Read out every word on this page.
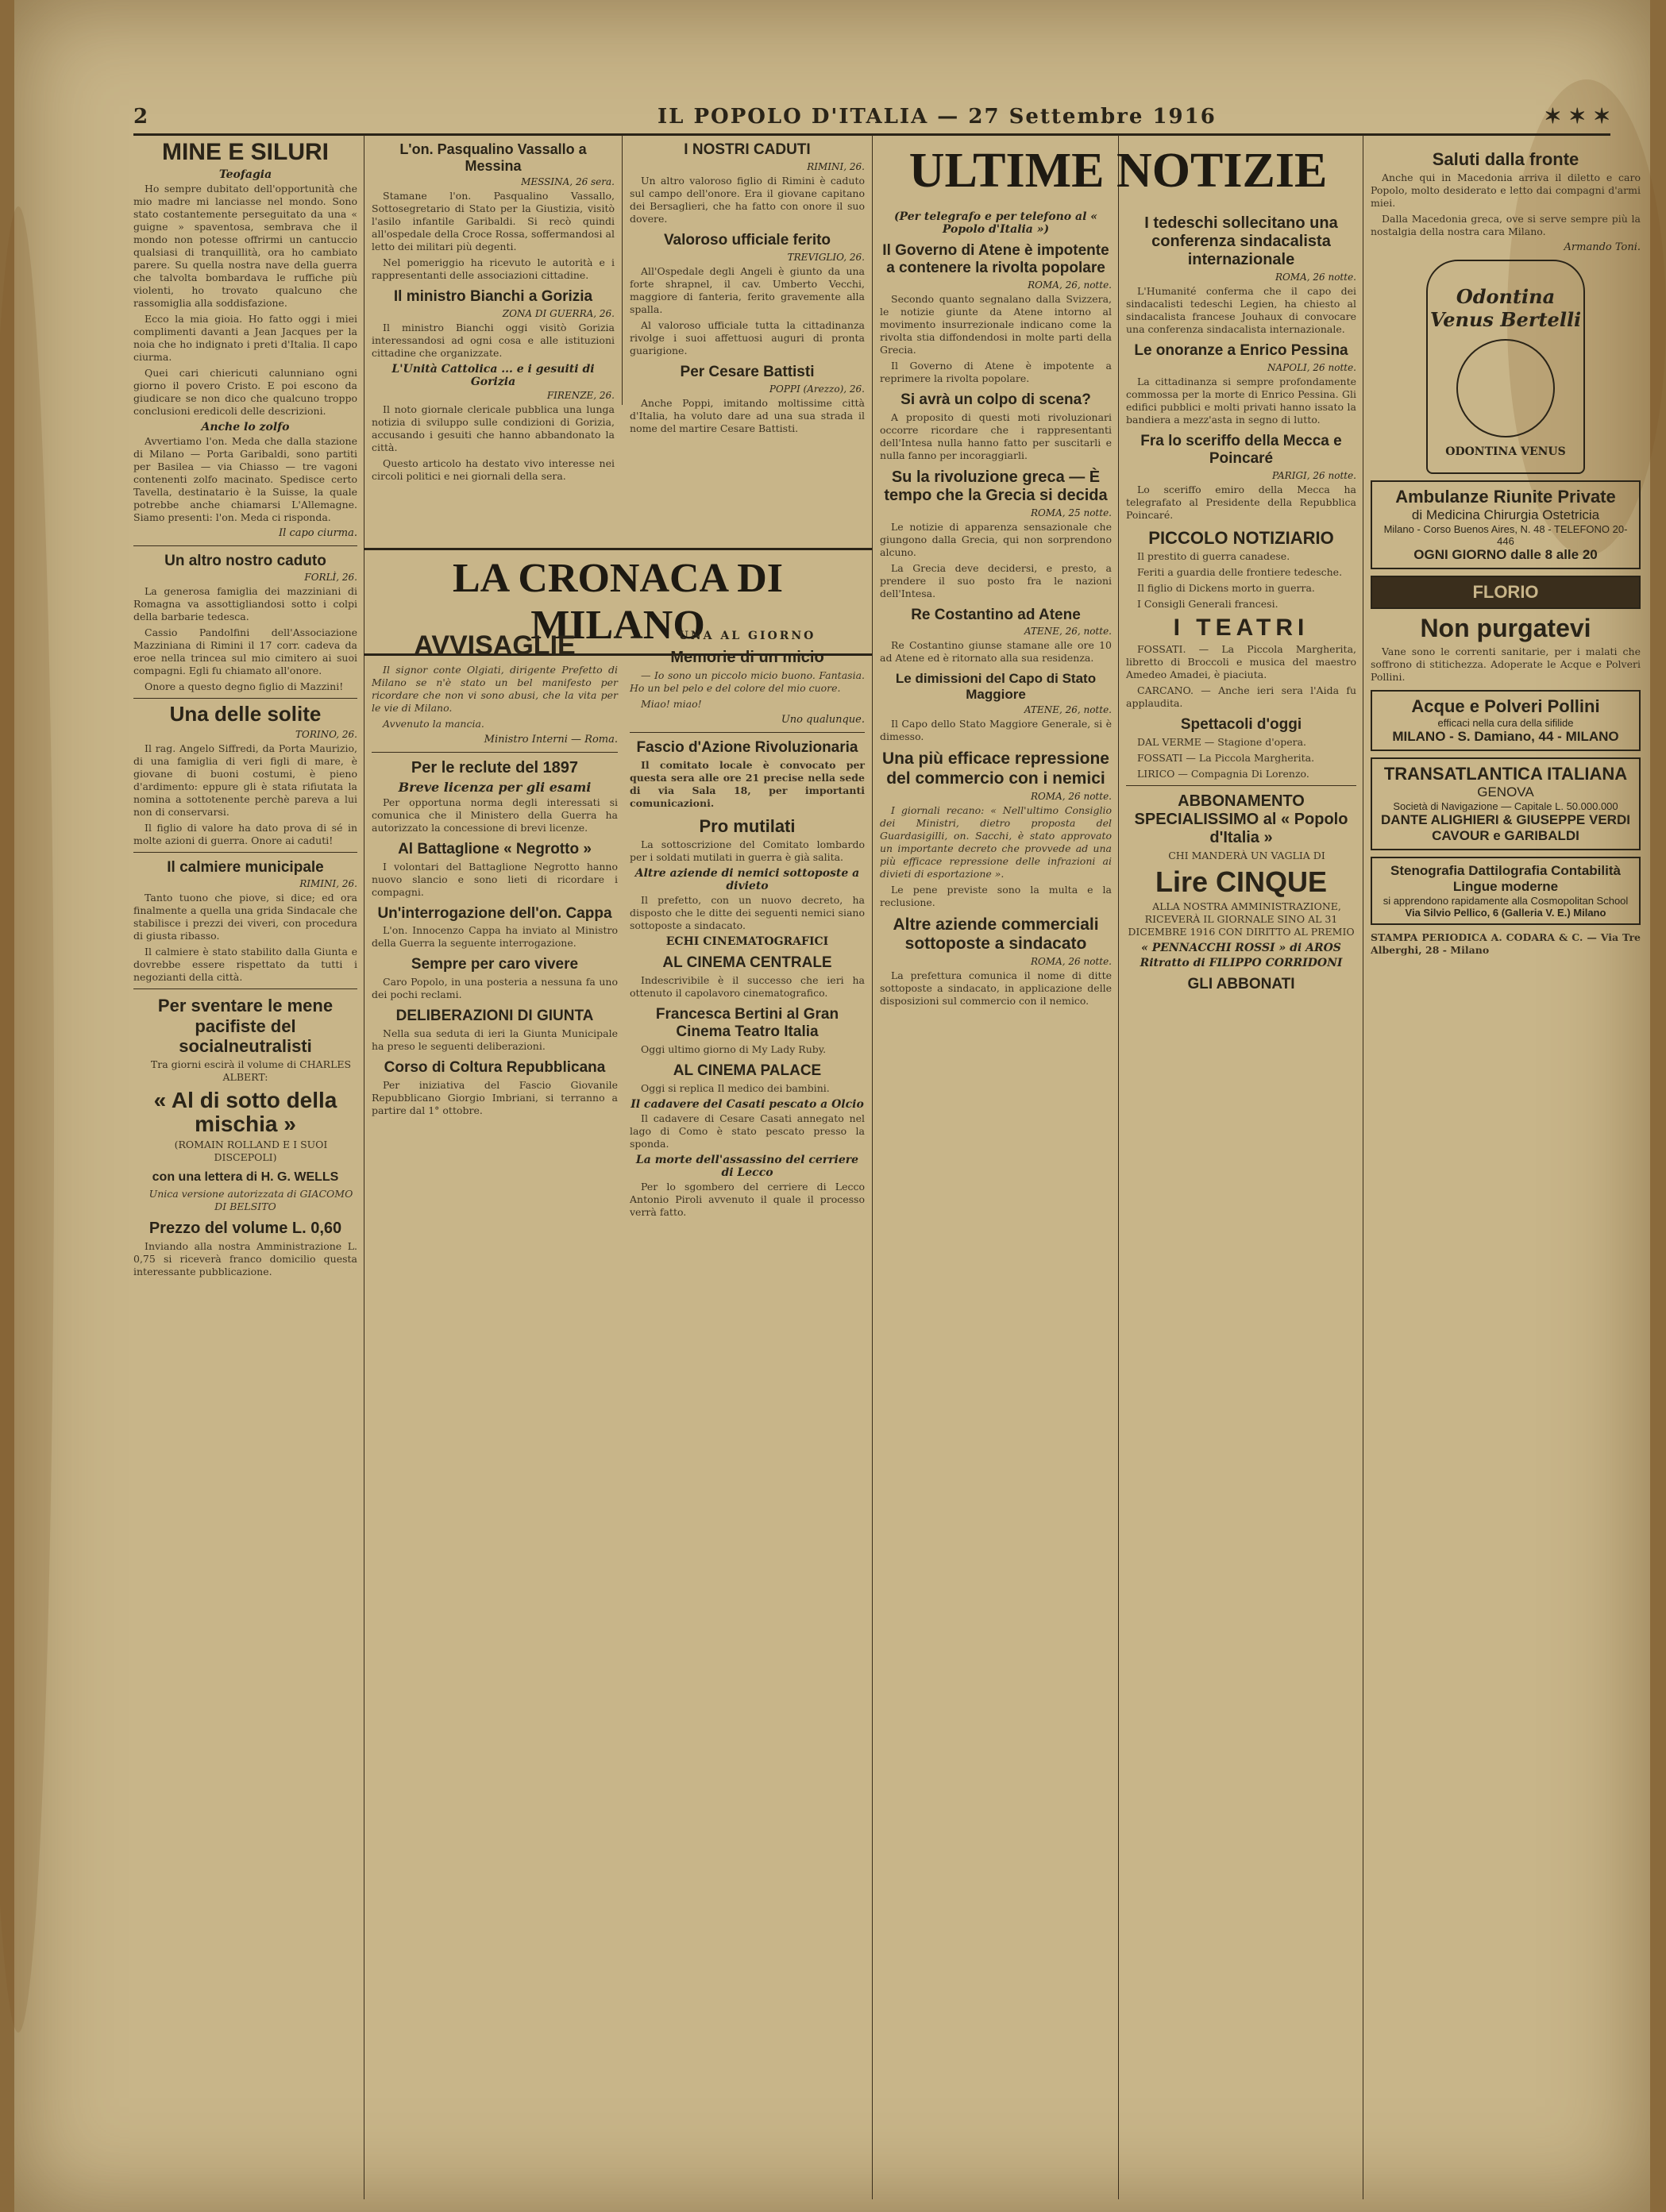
2	IL POPOLO D'ITALIA — 27 Settembre 1916	✶ ✶ ✶
MINE E SILURI
Teofagia

Ho sempre dubitato dell'opportunità che mio madre mi lanciasse nel mondo. Sono stato costantemente perseguitato da una « guigne » spaventosa, sembrava che il mondo non potesse offrirmi un cantuccio qualsiasi di tranquillità, ora ho cambiato parere. Su quella nostra nave della guerra che talvolta bombardava le ruffiche più violenti, ho trovato qualcuno che rassomiglia alla soddisfazione.

Ecco la mia gioia. Ho fatto oggi i miei complimenti davanti a Jean Jacques per la noia che ho indignato i preti d'Italia. Il capo ciurma.

Quei cari chiericuti calunniano ogni giorno il povero Cristo. E poi escono da giudicare se non dico che qualcuno troppo conclusioni eredicoli delle descrizioni.

Anche lo zolfo

Avvertiamo l'on. Meda che dalla stazione di Milano — Porta Garibaldi, sono partiti per Basilea — via Chiasso — tre vagoni contenenti zolfo macinato. Spedisce certo Tavella, destinatario è la Suisse, la quale potrebbe anche chiamarsi L'Allemagne. Siamo presenti: l'on. Meda ci risponda.

Il capo ciurma.
Un altro nostro caduto
FORLÌ, 26.

La generosa famiglia dei mazziniani di Romagna va assottigliandosi sotto i colpi della barbarie tedesca.

Cassio Pandolfini dell'Associazione Mazziniana di Rimini il 17 corr. cadeva da eroe nella trincea sul mio cimitero ai suoi compagni. Egli fu chiamato all'onore.

Onore a questo degno figlio di Mazzini!

Una delle solite
TORINO, 26.

Il rag. Angelo Siffredi, da Porta Maurizio, di una famiglia di veri figli di mare, è giovane di buoni costumi, è pieno d'ardimento: eppure gli è stata rifiutata la nomina a sottotenente perchè pareva a lui non di conservarsi.

Il figlio di valore ha dato prova di sé in molte azioni di guerra. Onore ai caduti!

Il calmiere municipale
RIMINI, 26.

Tanto tuono che piove, si dice; ed ora finalmente a quella una grida Sindacale che stabilisce i prezzi dei viveri, con procedura di giusta ribasso.

Il calmiere è stato stabilito dalla Giunta e dovrebbe essere rispettato da tutti i negozianti della città.

Per sventare le mene pacifiste del socialneutralisti

Tra giorni escirà il volume di CHARLES ALBERT:

« Al di sotto della mischia »

(ROMAIN ROLLAND E I SUOI DISCEPOLI)

con una lettera di H. G. WELLS

Unica versione autorizzata di GIACOMO DI BELSITO

Prezzo del volume L. 0,60

Inviando alla nostra Amministrazione L. 0,75 si riceverà franco domicilio questa interessante pubblicazione.

L'on. Pasqualino Vassallo a Messina
MESSINA, 26 sera.

Stamane l'on. Pasqualino Vassallo, Sottosegretario di Stato per la Giustizia, visitò l'asilo infantile Garibaldi. Si recò quindi all'ospedale della Croce Rossa, soffermandosi al letto dei militari più degenti.

Nel pomeriggio ha ricevuto le autorità e i rappresentanti delle associazioni cittadine.

Il ministro Bianchi a Gorizia
ZONA DI GUERRA, 26.

Il ministro Bianchi oggi visitò Gorizia interessandosi ad ogni cosa e alle istituzioni cittadine che organizzate.

L'Unità Cattolica ... e i gesuiti di Gorizia
FIRENZE, 26.

Il noto giornale clericale pubblica una lunga notizia di sviluppo sulle condizioni di Gorizia, accusando i gesuiti che hanno abbandonato la città.

Questo articolo ha destato vivo interesse nei circoli politici e nei giornali della sera.

I NOSTRI CADUTI
RIMINI, 26.

Un altro valoroso figlio di Rimini è caduto sul campo dell'onore. Era il giovane capitano dei Bersaglieri, che ha fatto con onore il suo dovere.

Valoroso ufficiale ferito
TREVIGLIO, 26.

All'Ospedale degli Angeli è giunto da una forte shrapnel, il cav. Umberto Vecchi, maggiore di fanteria, ferito gravemente alla spalla.

Al valoroso ufficiale tutta la cittadinanza rivolge i suoi affettuosi auguri di pronta guarigione.

Per Cesare Battisti
POPPI (Arezzo), 26.

Anche Poppi, imitando moltissime città d'Italia, ha voluto dare ad una sua strada il nome del martire Cesare Battisti.

LA CRONACA DI MILANO
AVVISAGLIE

Il signor conte Olgiati, dirigente Prefetto di Milano se n'è stato un bel manifesto per ricordare che non vi sono abusi, che la vita per le vie di Milano.

Avvenuto la mancia.

Ministro Interni — Roma.
Per le reclute del 1897
Breve licenza per gli esami

Per opportuna norma degli interessati si comunica che il Ministero della Guerra ha autorizzato la concessione di brevi licenze.

Al Battaglione « Negrotto »

I volontari del Battaglione Negrotto hanno nuovo slancio e sono lieti di ricordare i compagni.

Un'interrogazione dell'on. Cappa

L'on. Innocenzo Cappa ha inviato al Ministro della Guerra la seguente interrogazione.

Sempre per caro vivere

Caro Popolo, in una posteria a nessuna fa uno dei pochi reclami.

DELIBERAZIONI DI GIUNTA

Nella sua seduta di ieri la Giunta Municipale ha preso le seguenti deliberazioni.

Corso di Coltura Repubblicana

Per iniziativa del Fascio Giovanile Repubblicano Giorgio Imbriani, si terranno a partire dal 1° ottobre.

UNA AL GIORNO
Memorie di un micio

— Io sono un piccolo micio buono. Fantasia. Ho un bel pelo e del colore del mio cuore.

Miao! miao!

Uno qualunque.
Fascio d'Azione Rivoluzionaria

Il comitato locale è convocato per questa sera alle ore 21 precise nella sede di via Sala 18, per importanti comunicazioni.

Pro mutilati

La sottoscrizione del Comitato lombardo per i soldati mutilati in guerra è già salita.

Altre aziende di nemici sottoposte a divieto

Il prefetto, con un nuovo decreto, ha disposto che le ditte dei seguenti nemici siano sottoposte a sindacato.

ECHI CINEMATOGRAFICI
AL CINEMA CENTRALE

Indescrivibile è il successo che ieri ha ottenuto il capolavoro cinematografico.

Francesca Bertini al Gran Cinema Teatro Italia

Oggi ultimo giorno di My Lady Ruby.

AL CINEMA PALACE

Oggi si replica Il medico dei bambini.

Il cadavere del Casati pescato a Olcio

Il cadavere di Cesare Casati annegato nel lago di Como è stato pescato presso la sponda.

La morte dell'assassino del cerriere di Lecco

Per lo sgombero del cerriere di Lecco Antonio Piroli avvenuto il quale il processo verrà fatto.

ULTIME NOTIZIE
(Per telegrafo e per telefono al « Popolo d'Italia »)
Il Governo di Atene è impotente a contenere la rivolta popolare
ROMA, 26, notte.

Secondo quanto segnalano dalla Svizzera, le notizie giunte da Atene intorno al movimento insurrezionale indicano come la rivolta stia diffondendosi in molte parti della Grecia.

Il Governo di Atene è impotente a reprimere la rivolta popolare.

Si avrà un colpo di scena?

A proposito di questi moti rivoluzionari occorre ricordare che i rappresentanti dell'Intesa nulla hanno fatto per suscitarli e nulla fanno per incoraggiarli.

Su la rivoluzione greca — È tempo che la Grecia si decida
ROMA, 25 notte.

Le notizie di apparenza sensazionale che giungono dalla Grecia, qui non sorprendono alcuno.

La Grecia deve decidersi, e presto, a prendere il suo posto fra le nazioni dell'Intesa.

Re Costantino ad Atene
ATENE, 26, notte.

Re Costantino giunse stamane alle ore 10 ad Atene ed è ritornato alla sua residenza.

Le dimissioni del Capo di Stato Maggiore
ATENE, 26, notte.

Il Capo dello Stato Maggiore Generale, si è dimesso.

Una più efficace repressione del commercio con i nemici
ROMA, 26 notte.

I giornali recano: « Nell'ultimo Consiglio dei Ministri, dietro proposta del Guardasigilli, on. Sacchi, è stato approvato un importante decreto che provvede ad una più efficace repressione delle infrazioni ai divieti di esportazione ».

Le pene previste sono la multa e la reclusione.

Altre aziende commerciali sottoposte a sindacato
ROMA, 26 notte.

La prefettura comunica il nome di ditte sottoposte a sindacato, in applicazione delle disposizioni sul commercio con il nemico.

I tedeschi sollecitano una conferenza sindacalista internazionale
ROMA, 26 notte.

L'Humanité conferma che il capo dei sindacalisti tedeschi Legien, ha chiesto al sindacalista francese Jouhaux di convocare una conferenza sindacalista internazionale.

Le onoranze a Enrico Pessina
NAPOLI, 26 notte.

La cittadinanza si sempre profondamente commossa per la morte di Enrico Pessina. Gli edifici pubblici e molti privati hanno issato la bandiera a mezz'asta in segno di lutto.

Fra lo sceriffo della Mecca e Poincaré
PARIGI, 26 notte.

Lo sceriffo emiro della Mecca ha telegrafato al Presidente della Repubblica Poincaré.

PICCOLO NOTIZIARIO

Il prestito di guerra canadese.

Feriti a guardia delle frontiere tedesche.

Il figlio di Dickens morto in guerra.

I Consigli Generali francesi.

I TEATRI

FOSSATI. — La Piccola Margherita, libretto di Broccoli e musica del maestro Amedeo Amadei, è piaciuta.

CARCANO. — Anche ieri sera l'Aida fu applaudita.

Spettacoli d'oggi

DAL VERME — Stagione d'opera.

FOSSATI — La Piccola Margherita.

LIRICO — Compagnia Di Lorenzo.

ABBONAMENTO SPECIALISSIMO al « Popolo d'Italia »

CHI MANDERÀ UN VAGLIA DI

Lire CINQUE

ALLA NOSTRA AMMINISTRAZIONE, RICEVERÀ IL GIORNALE SINO AL 31 DICEMBRE 1916 CON DIRITTO AL PREMIO

« PENNACCHI ROSSI » di AROS
Ritratto di FILIPPO CORRIDONI
GLI ABBONATI
Saluti dalla fronte

Anche qui in Macedonia arriva il diletto e caro Popolo, molto desiderato e letto dai compagni d'armi miei.

Dalla Macedonia greca, ove si serve sempre più la nostalgia della nostra cara Milano.

Armando Toni.
Odontina Venus Bertelli
ODONTINA VENUS
Ambulanze Riunite Private
di Medicina Chirurgia Ostetricia
Milano - Corso Buenos Aires, N. 48 - TELEFONO 20-446
OGNI GIORNO dalle 8 alle 20
FLORIO
Non purgatevi

Vane sono le correnti sanitarie, per i malati che soffrono di stitichezza. Adoperate le Acque e Polveri Pollini.

Acque e Polveri Pollini
efficaci nella cura della sifilide
MILANO - S. Damiano, 44 - MILANO
TRANSATLANTICA ITALIANA
GENOVA
Società di Navigazione — Capitale L. 50.000.000
DANTE ALIGHIERI & GIUSEPPE VERDI
CAVOUR e GARIBALDI
Stenografia Dattilografia Contabilità Lingue moderne
si apprendono rapidamente alla Cosmopolitan School
Via Silvio Pellico, 6 (Galleria V. E.) Milano

STAMPA PERIODICA A. CODARA & C. — Via Tre Alberghi, 28 - Milano
